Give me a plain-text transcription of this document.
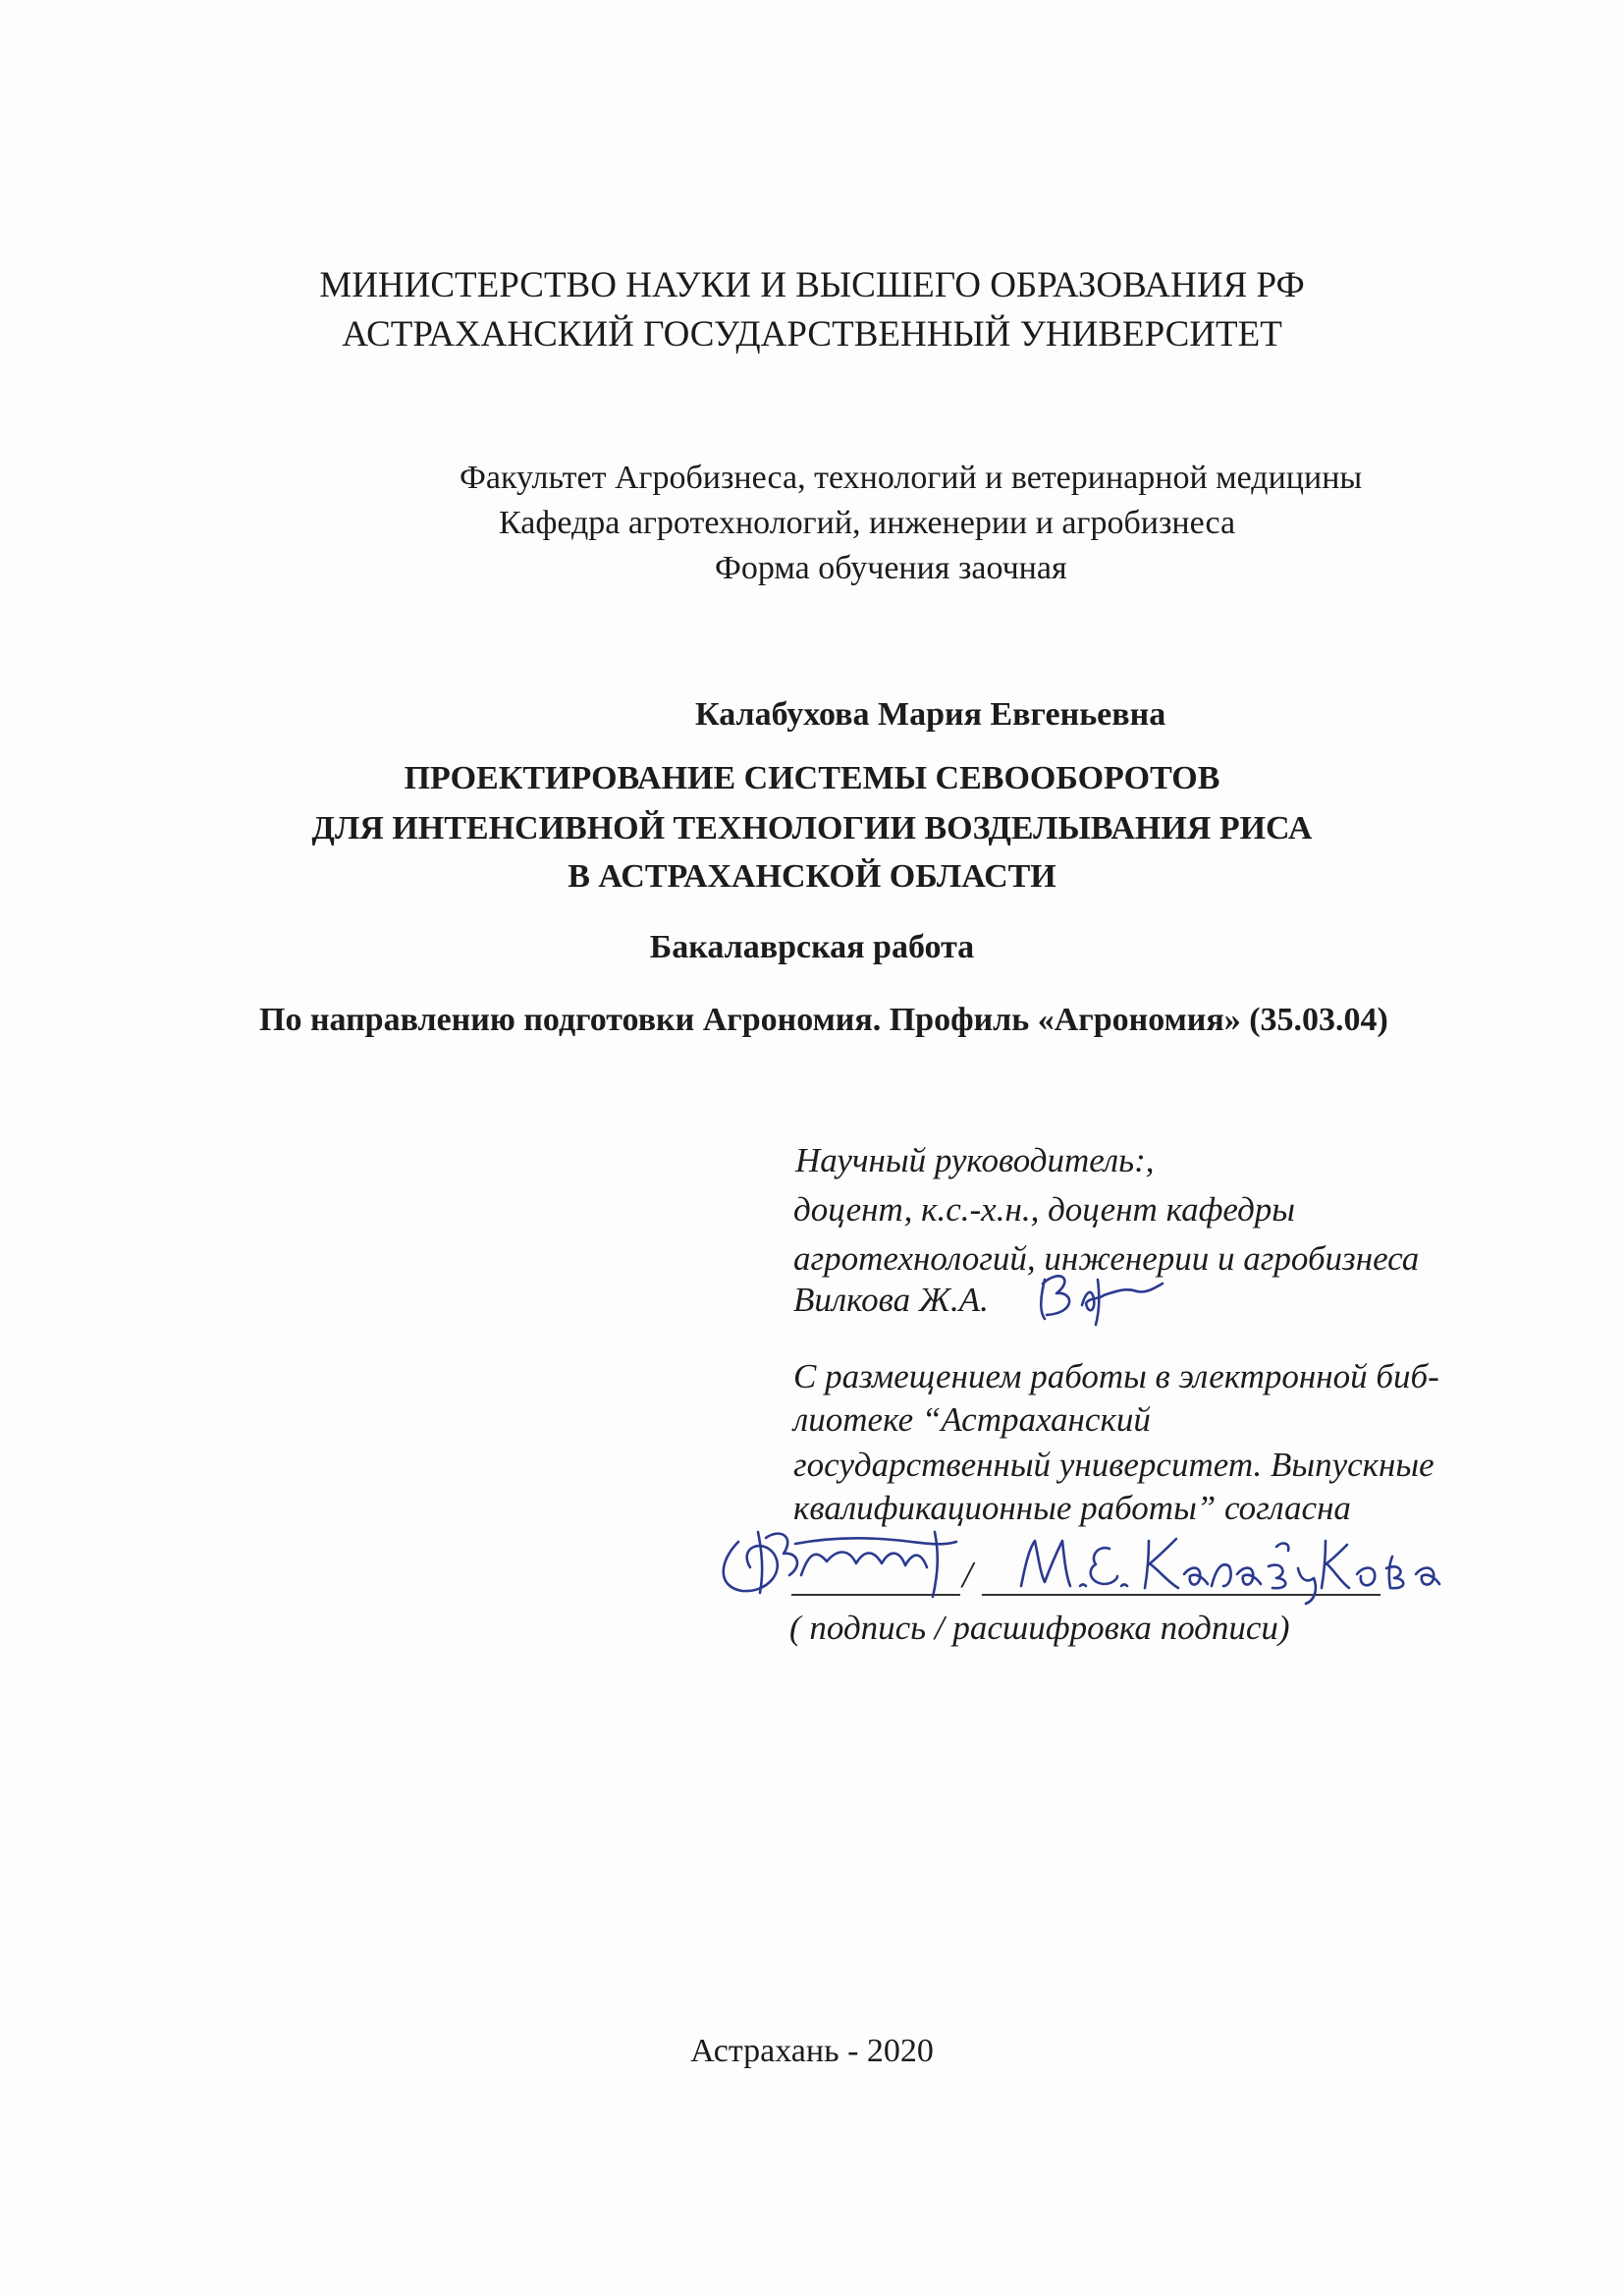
МИНИСТЕРСТВО НАУКИ И ВЫСШЕГО ОБРАЗОВАНИЯ РФ
АСТРАХАНСКИЙ ГОСУДАРСТВЕННЫЙ УНИВЕРСИТЕТ
Факультет Агробизнеса, технологий и ветеринарной медицины
Кафедра агротехнологий, инженерии и агробизнеса
Форма обучения заочная
Калабухова Мария Евгеньевна
ПРОЕКТИРОВАНИЕ СИСТЕМЫ СЕВООБОРОТОВ
ДЛЯ ИНТЕНСИВНОЙ ТЕХНОЛОГИИ ВОЗДЕЛЫВАНИЯ РИСА
В АСТРАХАНСКОЙ ОБЛАСТИ
Бакалаврская работа
По направлению подготовки Агрономия. Профиль «Агрономия» (35.03.04)
Научный руководитель:,
доцент, к.с.-х.н., доцент кафедры
агротехнологий, инженерии и агробизнеса
Вилкова Ж.А.
С размещением работы в электронной биб-
лиотеке “Астраханский
государственный университет. Выпускные
квалификационные работы” согласна
/
( подпись / расшифровка подписи)
Астрахань - 2020
